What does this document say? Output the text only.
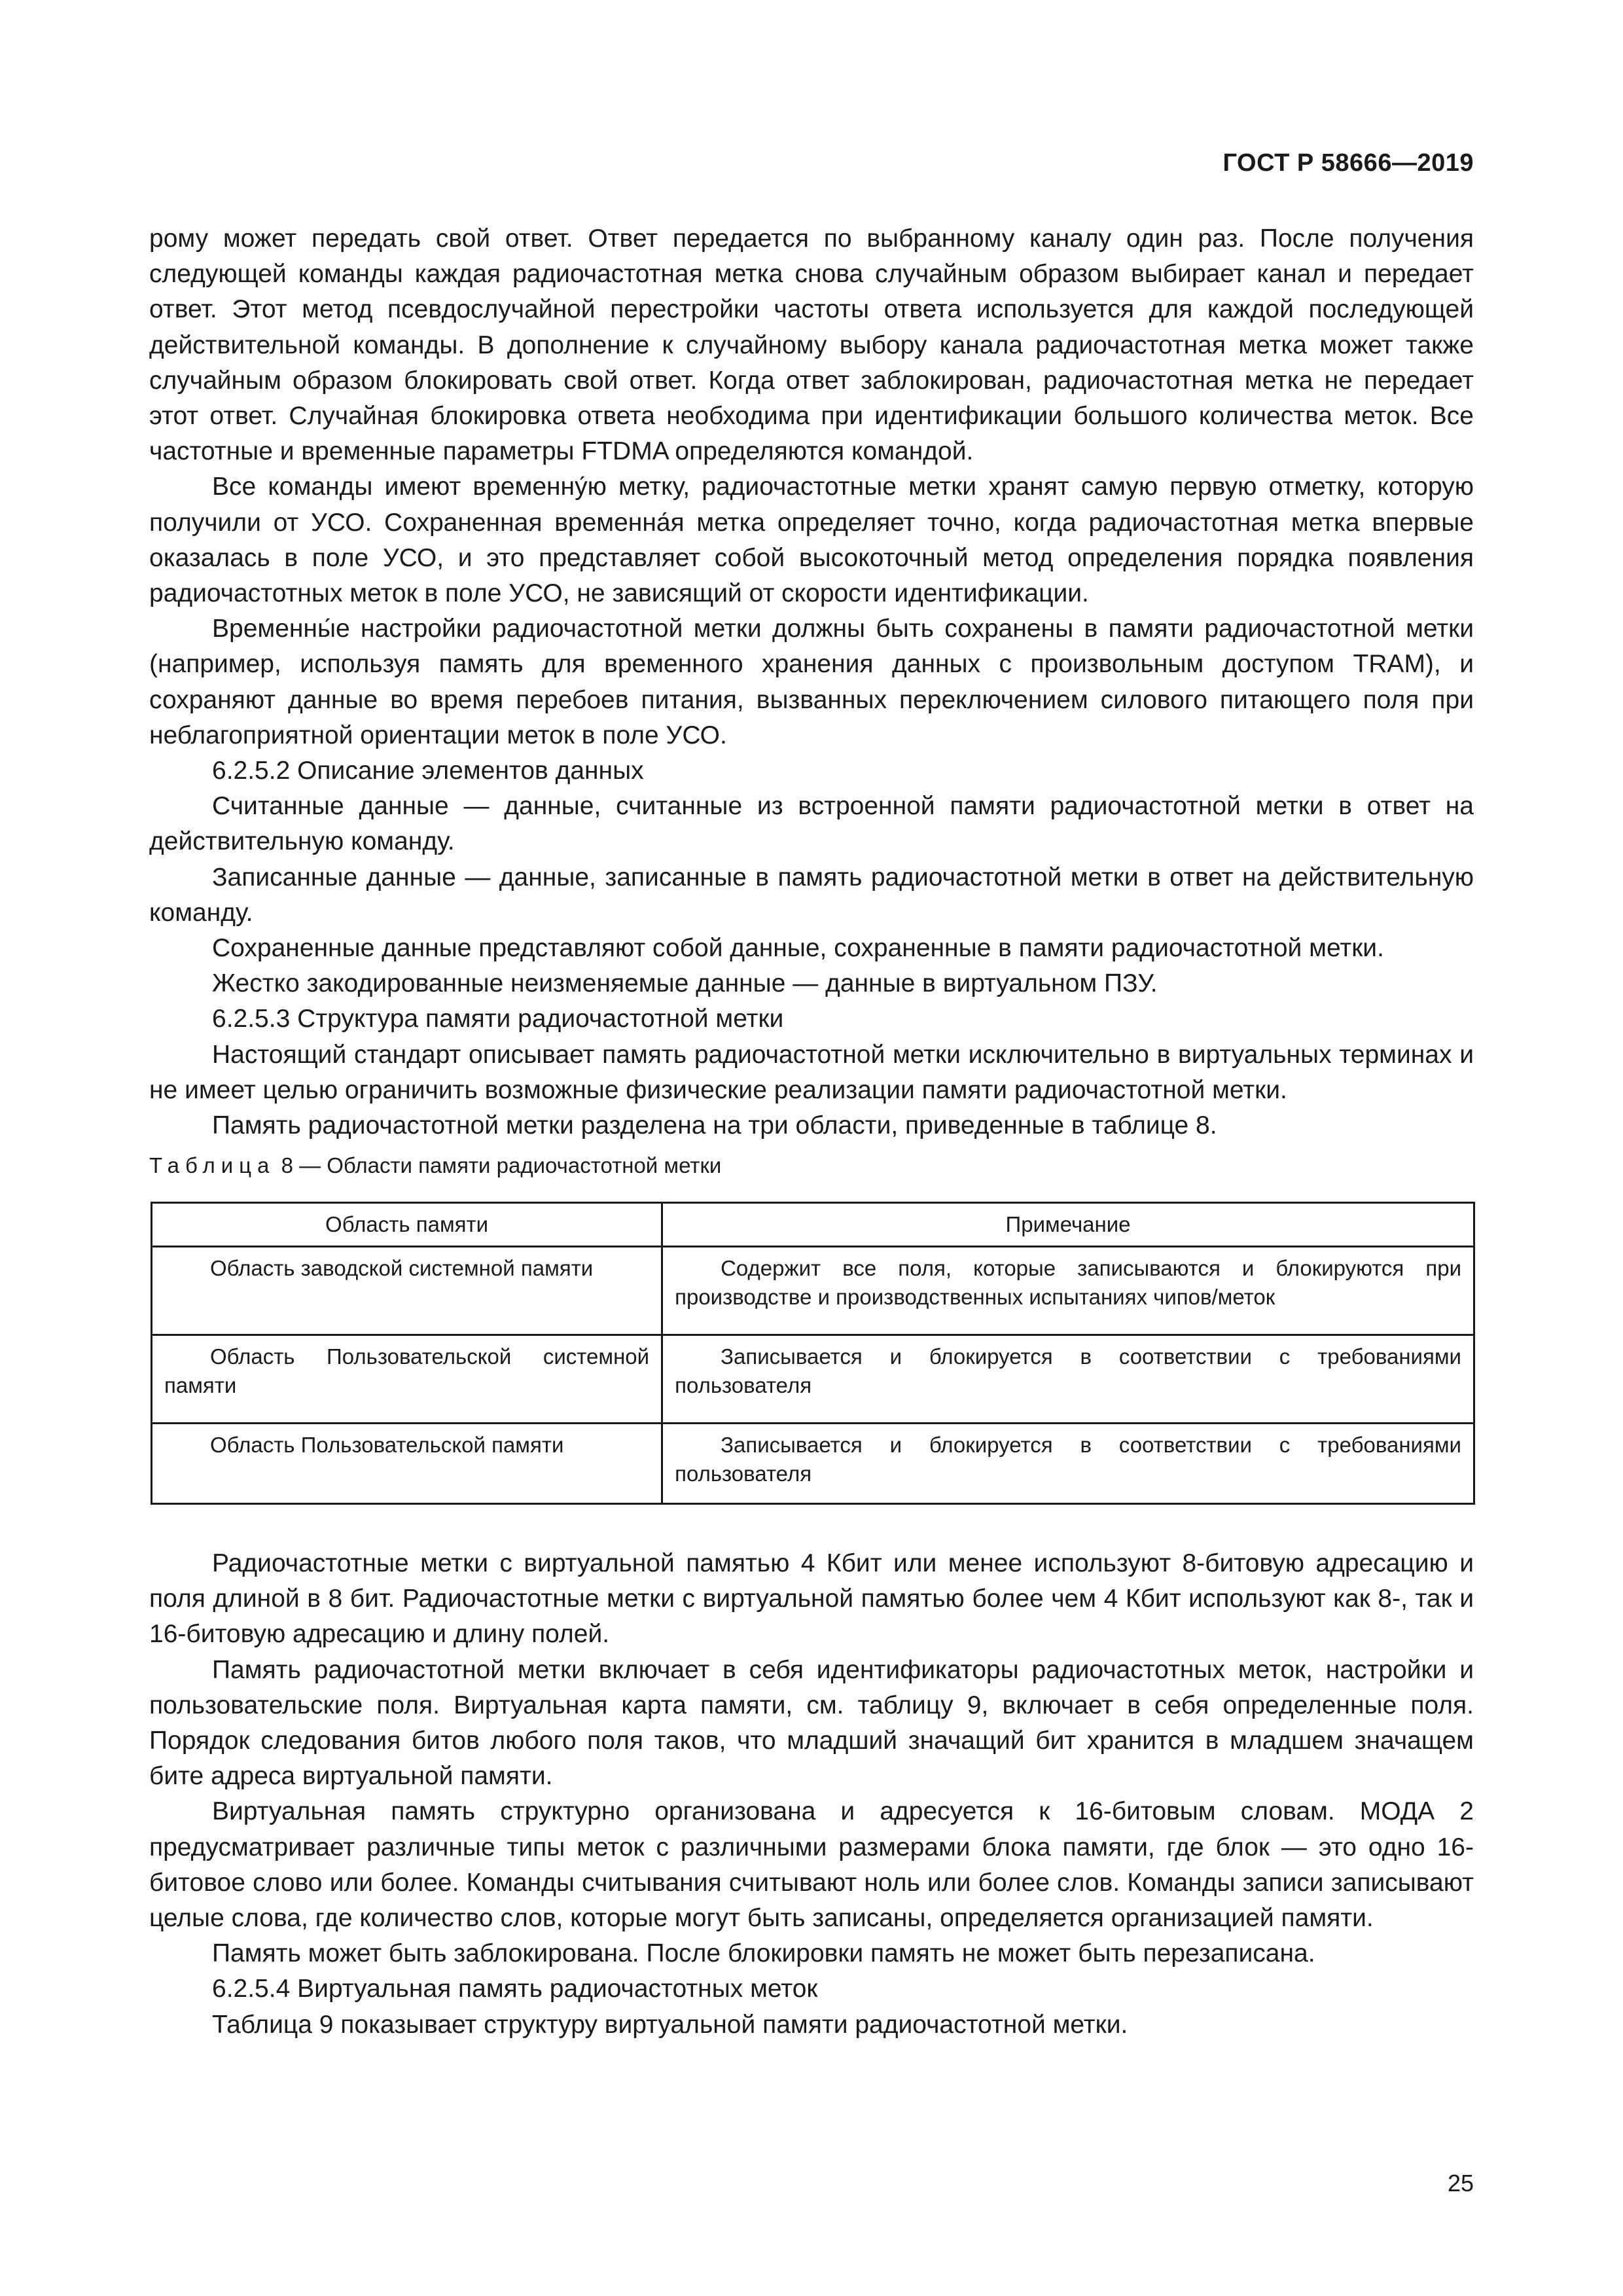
ГОСТ Р 58666—2019

рому может передать свой ответ. Ответ передается по выбранному каналу один раз. После получения следующей команды каждая радиочастотная метка снова случайным образом выбирает канал и передает ответ. Этот метод псевдослучайной перестройки частоты ответа используется для каждой последующей действительной команды. В дополнение к случайному выбору канала радиочастотная метка может также случайным образом блокировать свой ответ. Когда ответ заблокирован, радиочастотная метка не передает этот ответ. Случайная блокировка ответа необходима при идентификации большого количества меток. Все частотные и временные параметры FTDMA определяются командой.

Все команды имеют временну́ю метку, радиочастотные метки хранят самую первую отметку, которую получили от УСО. Сохраненная временна́я метка определяет точно, когда радиочастотная метка впервые оказалась в поле УСО, и это представляет собой высокоточный метод определения порядка появления радиочастотных меток в поле УСО, не зависящий от скорости идентификации.

Временны́е настройки радиочастотной метки должны быть сохранены в памяти радиочастотной метки (например, используя память для временного хранения данных с произвольным доступом TRAM), и сохраняют данные во время перебоев питания, вызванных переключением силового питающего поля при неблагоприятной ориентации меток в поле УСО.

6.2.5.2 Описание элементов данных

Считанные данные — данные, считанные из встроенной памяти радиочастотной метки в ответ на действительную команду.

Записанные данные — данные, записанные в память радиочастотной метки в ответ на действительную команду.

Сохраненные данные представляют собой данные, сохраненные в памяти радиочастотной метки.

Жестко закодированные неизменяемые данные — данные в виртуальном ПЗУ.

6.2.5.3 Структура памяти радиочастотной метки

Настоящий стандарт описывает память радиочастотной метки исключительно в виртуальных терминах и не имеет целью ограничить возможные физические реализации памяти радиочастотной метки.

Память радиочастотной метки разделена на три области, приведенные в таблице 8.

Таблица 8 — Области памяти радиочастотной метки
Область памяти	Примечание

Область заводской системной памяти	Содержит все поля, которые записываются и блокируются при производстве и производственных испытаниях чипов/меток

Область Пользовательской системной памяти	Записывается и блокируется в соответствии с требованиями пользователя

Область Пользовательской памяти	Записывается и блокируется в соответствии с требованиями пользователя

Радиочастотные метки с виртуальной памятью 4 Кбит или менее используют 8-битовую адресацию и поля длиной в 8 бит. Радиочастотные метки с виртуальной памятью более чем 4 Кбит используют как 8-, так и 16-битовую адресацию и длину полей.

Память радиочастотной метки включает в себя идентификаторы радиочастотных меток, настройки и пользовательские поля. Виртуальная карта памяти, см. таблицу 9, включает в себя определенные поля. Порядок следования битов любого поля таков, что младший значащий бит хранится в младшем значащем бите адреса виртуальной памяти.

Виртуальная память структурно организована и адресуется к 16-битовым словам. МОДА 2 предусматривает различные типы меток с различными размерами блока памяти, где блок — это одно 16-битовое слово или более. Команды считывания считывают ноль или более слов. Команды записи записывают целые слова, где количество слов, которые могут быть записаны, определяется организацией памяти.

Память может быть заблокирована. После блокировки память не может быть перезаписана.

6.2.5.4 Виртуальная память радиочастотных меток

Таблица 9 показывает структуру виртуальной памяти радиочастотной метки.

25
